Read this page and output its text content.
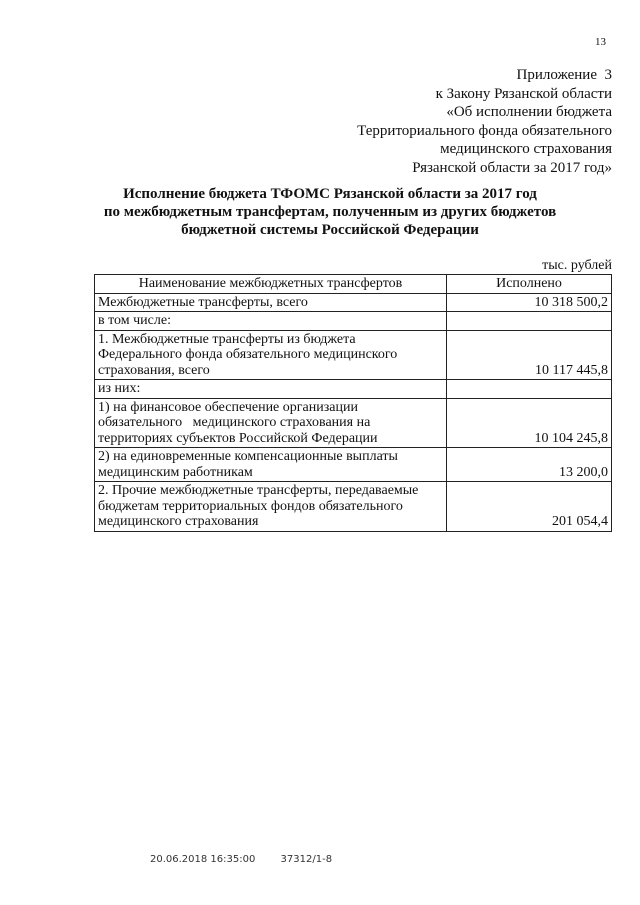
13
Приложение  3
к Закону Рязанской области
«Об исполнении бюджета
Территориального фонда обязательного
медицинского страхования
Рязанской области за 2017 год»
Исполнение бюджета ТФОМС Рязанской области за 2017 год
по межбюджетным трансфертам, полученным из других бюджетов
бюджетной системы Российской Федерации
тыс. рублей
Наименование межбюджетных трансфертов	Исполнено
Межбюджетные трансферты, всего	10 318 500,2
в том числе:	
1. Межбюджетные трансферты из бюджета Федерального фонда обязательного медицинского страхования, всего	10 117 445,8
из них:	
1) на финансовое обеспечение организации обязательного   медицинского страхования на территориях субъектов Российской Федерации	10 104 245,8
2) на единовременные компенсационные выплаты медицинским работникам	13 200,0
2. Прочие межбюджетные трансферты, передаваемые бюджетам территориальных фондов обязательного медицинского страхования	201 054,4
20.06.2018 16:35:00	37312/1-8
